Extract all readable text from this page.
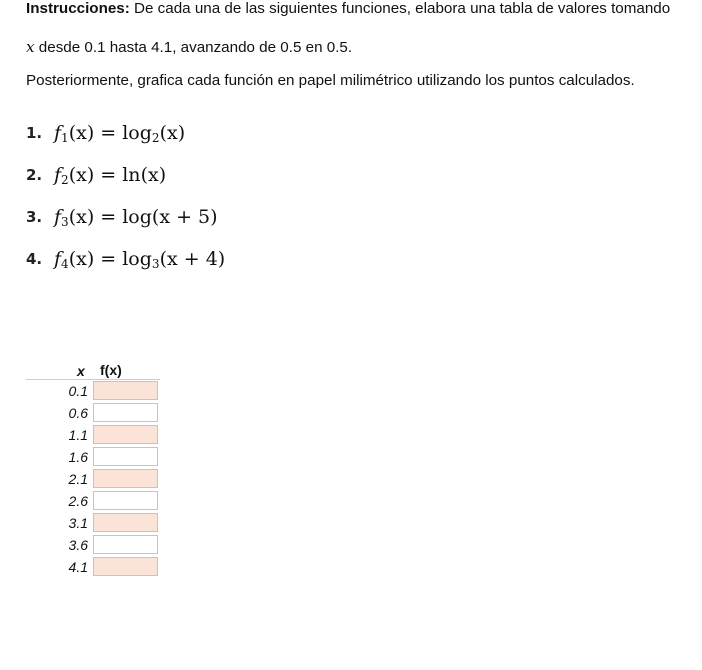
Instrucciones: De cada una de las siguientes funciones, elabora una tabla de valores tomando
x desde 0.1 hasta 4.1, avanzando de 0.5 en 0.5.
Posteriormente, grafica cada función en papel milimétrico utilizando los puntos calculados.
1. $f_1(x) = \log_2(x)$
2. $f_2(x) = \ln(x)$
3. $f_3(x) = \log(x + 5)$
4. $f_4(x) = \log_3(x + 4)$
x f(x)
0.1
0.6
1.1
1.6
2.1
2.6
3.1
3.6
4.1
